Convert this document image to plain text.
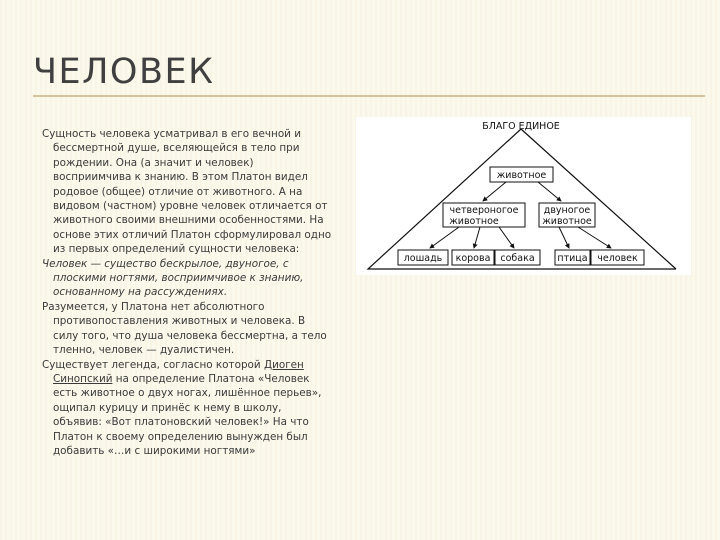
ЧЕЛОВЕК

Сущность человека усматривал в его вечной и бессмертной душе, вселяющейся в тело при рождении. Она (а значит и человек) восприимчива к знанию. В этом Платон видел родовое (общее) отличие от животного. А на видовом (частном) уровне человек отличается от животного своими внешними особенностями. На основе этих отличий Платон сформулировал одно из первых определений сущности человека:

Человек — существо бескрылое, двуногое, с плоскими ногтями, восприимчивое к знанию, основанному на рассуждениях.

Разумеется, у Платона нет абсолютного противопоставления животных и человека. В силу того, что душа человека бессмертна, а тело тленно, человек — дуалистичен.

Существует легенда, согласно которой Диоген Синопский на определение Платона «Человек есть животное о двух ногах, лишённое перьев», ощипал курицу и принёс к нему в школу, объявив: «Вот платоновский человек!» На что Платон к своему определению вынужден был добавить «…и с широкими ногтями»

БЛАГО ЕДИНОЕ
животное
четвероногое
животное
двуногое
животное
лошадь корова собака птица человек
